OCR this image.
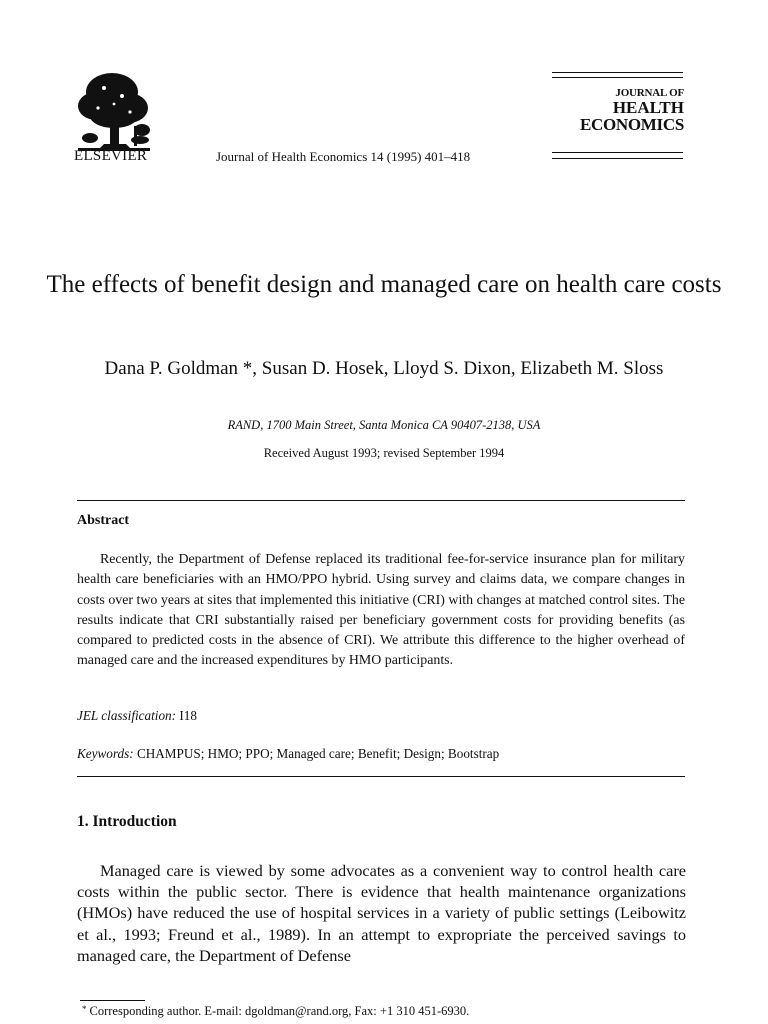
ELSEVIER	Journal of Health Economics 14 (1995) 401–418
JOURNAL OF
HEALTH
ECONOMICS
The effects of benefit design and managed care on health care costs
Dana P. Goldman *, Susan D. Hosek, Lloyd S. Dixon, Elizabeth M. Sloss
RAND, 1700 Main Street, Santa Monica CA 90407-2138, USA
Received August 1993; revised September 1994
Abstract
Recently, the Department of Defense replaced its traditional fee-for-service insurance plan for military health care beneficiaries with an HMO/PPO hybrid. Using survey and claims data, we compare changes in costs over two years at sites that implemented this initiative (CRI) with changes at matched control sites. The results indicate that CRI substantially raised per beneficiary government costs for providing benefits (as compared to predicted costs in the absence of CRI). We attribute this difference to the higher overhead of managed care and the increased expenditures by HMO participants.
JEL classification: I18
Keywords: CHAMPUS; HMO; PPO; Managed care; Benefit; Design; Bootstrap
1. Introduction
Managed care is viewed by some advocates as a convenient way to control health care costs within the public sector. There is evidence that health maintenance organizations (HMOs) have reduced the use of hospital services in a variety of public settings (Leibowitz et al., 1993; Freund et al., 1989). In an attempt to expropriate the perceived savings to managed care, the Department of Defense
* Corresponding author. E-mail: dgoldman@rand.org, Fax: +1 310 451-6930.
